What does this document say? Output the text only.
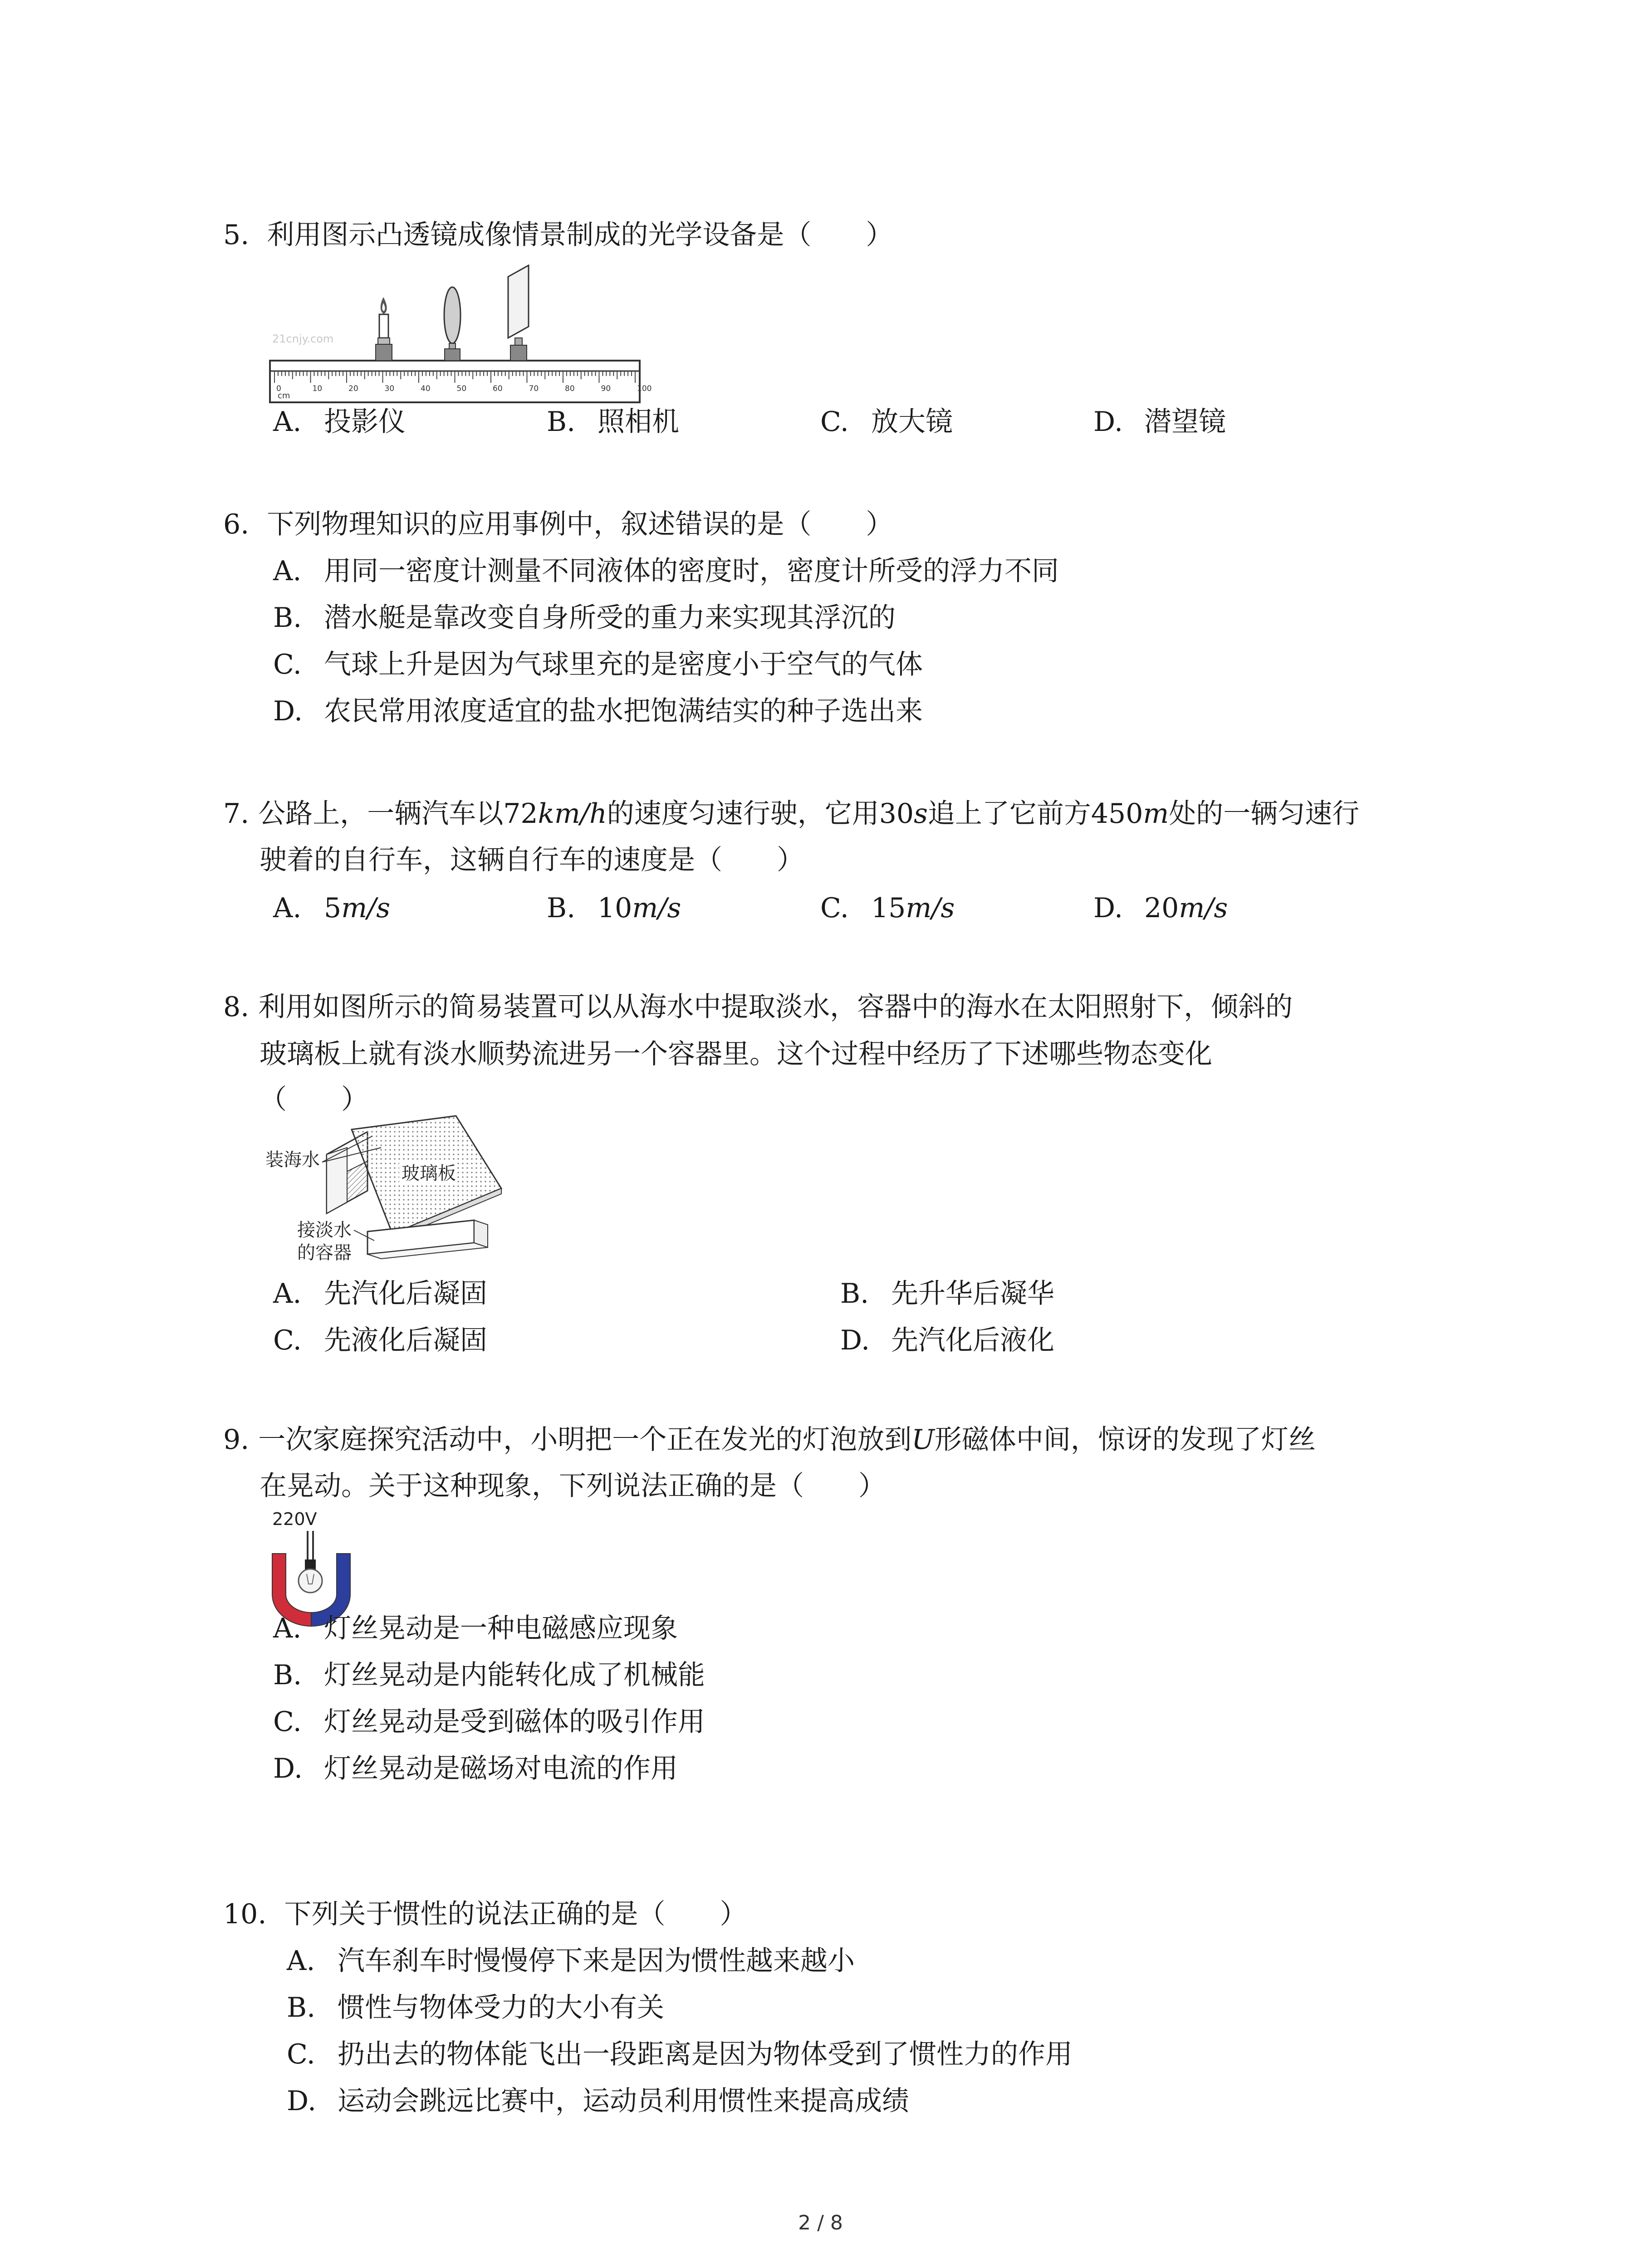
5. 利用图示凸透镜成像情景制成的光学设备是（　　）
21cnjy.com
0	10	20	30	40	50	60	70	80	90	100
cm
A. 投影仪	B. 照相机	C. 放大镜	D. 潜望镜
6. 下列物理知识的应用事例中，叙述错误的是（　　）
A. 用同一密度计测量不同液体的密度时，密度计所受的浮力不同
B. 潜水艇是靠改变自身所受的重力来实现其浮沉的
C. 气球上升是因为气球里充的是密度小于空气的气体
D. 农民常用浓度适宜的盐水把饱满结实的种子选出来
7. 公路上，一辆汽车以72km/h的速度匀速行驶，它用30s追上了它前方450m处的一辆匀速行
驶着的自行车，这辆自行车的速度是（　　）
A. 5m/s	B. 10m/s	C. 15m/s	D. 20m/s
8. 利用如图所示的简易装置可以从海水中提取淡水，容器中的海水在太阳照射下，倾斜的
玻璃板上就有淡水顺势流进另一个容器里。这个过程中经历了下述哪些物态变化
（　　）
装海水
玻璃板
接淡水
的容器
A. 先汽化后凝固	B. 先升华后凝华
C. 先液化后凝固	D. 先汽化后液化
9. 一次家庭探究活动中，小明把一个正在发光的灯泡放到U形磁体中间，惊讶的发现了灯丝
在晃动。关于这种现象，下列说法正确的是（　　）
220V
A. 灯丝晃动是一种电磁感应现象
B. 灯丝晃动是内能转化成了机械能
C. 灯丝晃动是受到磁体的吸引作用
D. 灯丝晃动是磁场对电流的作用
10. 下列关于惯性的说法正确的是（　　）
A. 汽车刹车时慢慢停下来是因为惯性越来越小
B. 惯性与物体受力的大小有关
C. 扔出去的物体能飞出一段距离是因为物体受到了惯性力的作用
D. 运动会跳远比赛中，运动员利用惯性来提高成绩
2 / 8
